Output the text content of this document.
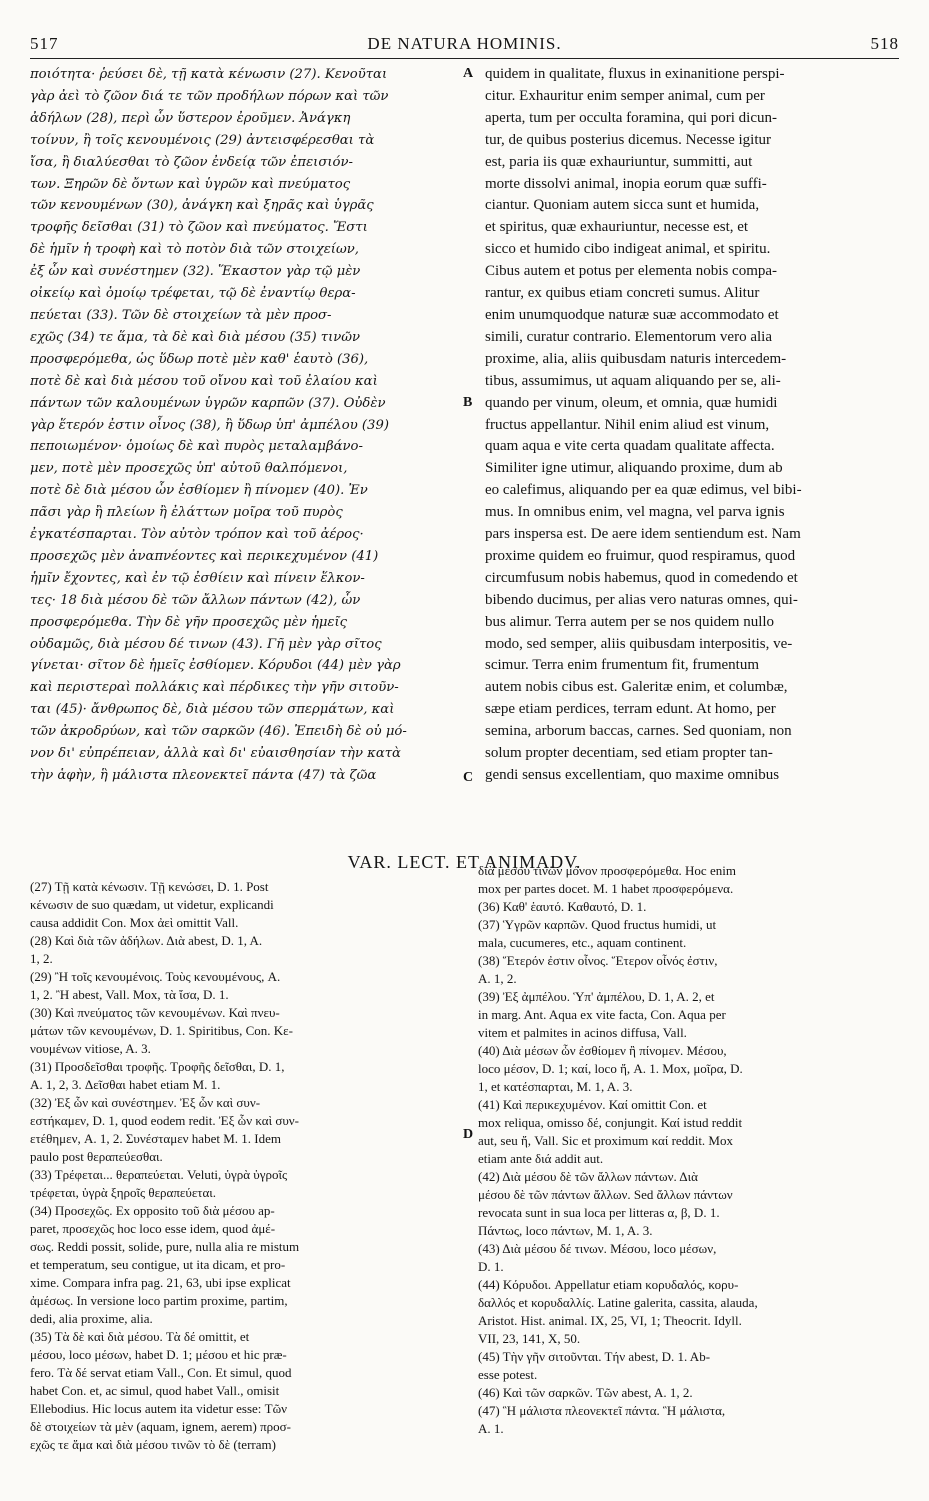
517	DE NATURA HOMINIS.	518
ποιότητα· ῥεύσει δὲ, τῇ κατὰ κένωσιν (27). Κενοῦται
γὰρ ἀεὶ τὸ ζῶον διά τε τῶν προδήλων πόρων καὶ τῶν
ἀδήλων (28), περὶ ὧν ὕστερον ἐροῦμεν. Ἀνάγκη
τοίνυν, ἢ τοῖς κενουμένοις (29) ἀντεισφέρεσθαι τὰ
ἴσα, ἢ διαλύεσθαι τὸ ζῶον ἐνδείᾳ τῶν ἐπεισιόν-
των. Ξηρῶν δὲ ὄντων καὶ ὑγρῶν καὶ πνεύματος
τῶν κενουμένων (30), ἀνάγκη καὶ ξηρᾶς καὶ ὑγρᾶς
τροφῆς δεῖσθαι (31) τὸ ζῶον καὶ πνεύματος. Ἔστι
δὲ ἡμῖν ἡ τροφὴ καὶ τὸ ποτὸν διὰ τῶν στοιχείων,
ἐξ ὧν καὶ συνέστημεν (32). Ἕκαστον γὰρ τῷ μὲν
οἰκείῳ καὶ ὁμοίῳ τρέφεται, τῷ δὲ ἐναντίῳ θερα-
πεύεται (33). Τῶν δὲ στοιχείων τὰ μὲν προσ-
εχῶς (34) τε ἅμα, τὰ δὲ καὶ διὰ μέσου (35) τινῶν
προσφερόμεθα, ὡς ὕδωρ ποτὲ μὲν καθ' ἑαυτὸ (36),
ποτὲ δὲ καὶ διὰ μέσου τοῦ οἴνου καὶ τοῦ ἐλαίου καὶ
πάντων τῶν καλουμένων ὑγρῶν καρπῶν (37). Οὐδὲν
γὰρ ἕτερόν ἐστιν οἶνος (38), ἢ ὕδωρ ὑπ' ἀμπέλου (39)
πεποιωμένον· ὁμοίως δὲ καὶ πυρὸς μεταλαμβάνο-
μεν, ποτὲ μὲν προσεχῶς ὑπ' αὐτοῦ θαλπόμενοι,
ποτὲ δὲ διὰ μέσου ὧν ἐσθίομεν ἢ πίνομεν (40). Ἐν
πᾶσι γὰρ ἢ πλείων ἢ ἐλάττων μοῖρα τοῦ πυρὸς
ἐγκατέσπαρται. Τὸν αὐτὸν τρόπον καὶ τοῦ ἀέρος·
προσεχῶς μὲν ἀναπνέοντες καὶ περικεχυμένον (41)
ἡμῖν ἔχοντες, καὶ ἐν τῷ ἐσθίειν καὶ πίνειν ἕλκον-
τες· 18 διὰ μέσου δὲ τῶν ἄλλων πάντων (42), ὧν
προσφερόμεθα. Τὴν δὲ γῆν προσεχῶς μὲν ἡμεῖς
οὐδαμῶς, διὰ μέσου δέ τινων (43). Γῆ μὲν γὰρ σῖτος
γίνεται· σῖτον δὲ ἡμεῖς ἐσθίομεν. Κόρυδοι (44) μὲν γὰρ
καὶ περιστεραὶ πολλάκις καὶ πέρδικες τὴν γῆν σιτοῦν-
ται (45)· ἄνθρωπος δὲ, διὰ μέσου τῶν σπερμάτων, καὶ
τῶν ἀκροδρύων, καὶ τῶν σαρκῶν (46). Ἐπειδὴ δὲ οὐ μό-
νον δι' εὐπρέπειαν, ἀλλὰ καὶ δι' εὐαισθησίαν τὴν κατὰ
τὴν ἁφὴν, ἣ μάλιστα πλεονεκτεῖ πάντα (47) τὰ ζῶα
quidem in qualitate, fluxus in exinanitione perspi-
citur. Exhauritur enim semper animal, cum per
aperta, tum per occulta foramina, qui pori dicun-
tur, de quibus posterius dicemus. Necesse igitur
est, paria iis quæ exhauriuntur, summitti, aut
morte dissolvi animal, inopia eorum quæ suffi-
ciantur. Quoniam autem sicca sunt et humida,
et spiritus, quæ exhauriuntur, necesse est, et
sicco et humido cibo indigeat animal, et spiritu.
Cibus autem et potus per elementa nobis compa-
rantur, ex quibus etiam concreti sumus. Alitur
enim unumquodque naturæ suæ accommodato et
simili, curatur contrario. Elementorum vero alia
proxime, alia, aliis quibusdam naturis intercedem-
tibus, assumimus, ut aquam aliquando per se, ali-
quando per vinum, oleum, et omnia, quæ humidi
fructus appellantur. Nihil enim aliud est vinum,
quam aqua e vite certa quadam qualitate affecta.
Similiter igne utimur, aliquando proxime, dum ab
eo calefimus, aliquando per ea quæ edimus, vel bibi-
mus. In omnibus enim, vel magna, vel parva ignis
pars inspersa est. De aere idem sentiendum est. Nam
proxime quidem eo fruimur, quod respiramus, quod
circumfusum nobis habemus, quod in comedendo et
bibendo ducimus, per alias vero naturas omnes, qui-
bus alimur. Terra autem per se nos quidem nullo
modo, sed semper, aliis quibusdam interpositis, ve-
scimur. Terra enim frumentum fit, frumentum
autem nobis cibus est. Galeritæ enim, et columbæ,
sæpe etiam perdices, terram edunt. At homo, per
semina, arborum baccas, carnes. Sed quoniam, non
solum propter decentiam, sed etiam propter tan-
gendi sensus excellentiam, quo maxime omnibus
A
B
C
D
VAR. LECT. ET ANIMADV.
(27) Τῇ κατὰ κένωσιν. Τῇ κενώσει, D. 1. Post
κένωσιν de suo quædam, ut videtur, explicandi
causa addidit Con. Mox ἀεὶ omittit Vall.
(28) Καὶ διὰ τῶν ἀδήλων. Διὰ abest, D. 1, A.
1, 2.
(29) Ἢ τοῖς κενουμένοις. Τοὺς κενουμένους, A.
1, 2. Ἢ abest, Vall. Mox, τὰ ἴσα, D. 1.
(30) Καὶ πνεύματος τῶν κενουμένων. Καὶ πνευ-
μάτων τῶν κενουμένων, D. 1. Spiritibus, Con. Κε-
νουμένων vitiose, A. 3.
(31) Προσδεῖσθαι τροφῆς. Τροφῆς δεῖσθαι, D. 1,
A. 1, 2, 3. Δεῖσθαι habet etiam M. 1.
(32) Ἐξ ὧν καὶ συνέστημεν. Ἐξ ὧν καὶ συν-
εστήκαμεν, D. 1, quod eodem redit. Ἐξ ὧν καὶ συν-
ετέθημεν, A. 1, 2. Συνέσταμεν habet M. 1. Idem
paulo post θεραπεύεσθαι.
(33) Τρέφεται... θεραπεύεται. Veluti, ὑγρὰ ὑγροῖς
τρέφεται, ὑγρὰ ξηροῖς θεραπεύεται.
(34) Προσεχῶς. Ex opposito τοῦ διὰ μέσου ap-
paret, προσεχῶς hoc loco esse idem, quod ἀμέ-
σως. Reddi possit, solide, pure, nulla alia re mistum
et temperatum, seu contigue, ut ita dicam, et pro-
xime. Compara infra pag. 21, 63, ubi ipse explicat
ἀμέσως. In versione loco partim proxime, partim,
dedi, alia proxime, alia.
(35) Τὰ δὲ καὶ διὰ μέσου. Τὰ δέ omittit, et
μέσου, loco μέσων, habet D. 1; μέσου et hic præ-
fero. Τὰ δέ servat etiam Vall., Con. Et simul, quod
habet Con. et, ac simul, quod habet Vall., omisit
Ellebodius. Hic locus autem ita videtur esse: Τῶν
δὲ στοιχείων τὰ μὲν (aquam, ignem, aerem) προσ-
εχῶς τε ἅμα καὶ διὰ μέσου τινῶν τὸ δὲ (terram)
διὰ μέσου τινῶν μόνον προσφερόμεθα. Hoc enim
mox per partes docet. M. 1 habet προσφερόμενα.
(36) Καθ' ἑαυτό. Καθαυτό, D. 1.
(37) Ὑγρῶν καρπῶν. Quod fructus humidi, ut
mala, cucumeres, etc., aquam continent.
(38) Ἕτερόν ἐστιν οἶνος. Ἕτερον οἶνός ἐστιν,
A. 1, 2.
(39) Ἐξ ἀμπέλου. Ὑπ' ἀμπέλου, D. 1, A. 2, et
in marg. Ant. Aqua ex vite facta, Con. Aqua per
vitem et palmites in acinos diffusa, Vall.
(40) Διὰ μέσων ὧν ἐσθίομεν ἢ πίνομεν. Μέσου,
loco μέσον, D. 1; καί, loco ἤ, A. 1. Mox, μοῖρα, D.
1, et κατέσπαρται, M. 1, A. 3.
(41) Καὶ περικεχυμένον. Καί omittit Con. et
mox reliqua, omisso δέ, conjungit. Καί istud reddit
aut, seu ἤ, Vall. Sic et proximum καί reddit. Mox
etiam ante διά addit aut.
(42) Διὰ μέσου δὲ τῶν ἄλλων πάντων. Διὰ
μέσου δὲ τῶν πάντων ἄλλων. Sed ἄλλων πάντων
revocata sunt in sua loca per litteras α, β, D. 1.
Πάντως, loco πάντων, M. 1, A. 3.
(43) Διὰ μέσου δέ τινων. Μέσου, loco μέσων,
D. 1.
(44) Κόρυδοι. Appellatur etiam κορυδαλός, κορυ-
δαλλός et κορυδαλλίς. Latine galerita, cassita, alauda,
Aristot. Hist. animal. IX, 25, VI, 1; Theocrit. Idyll.
VII, 23, 141, X, 50.
(45) Τὴν γῆν σιτοῦνται. Τήν abest, D. 1. Ab-
esse potest.
(46) Καὶ τῶν σαρκῶν. Τῶν abest, A. 1, 2.
(47) Ἣ μάλιστα πλεονεκτεῖ πάντα. Ἣ μάλιστα,
A. 1.
